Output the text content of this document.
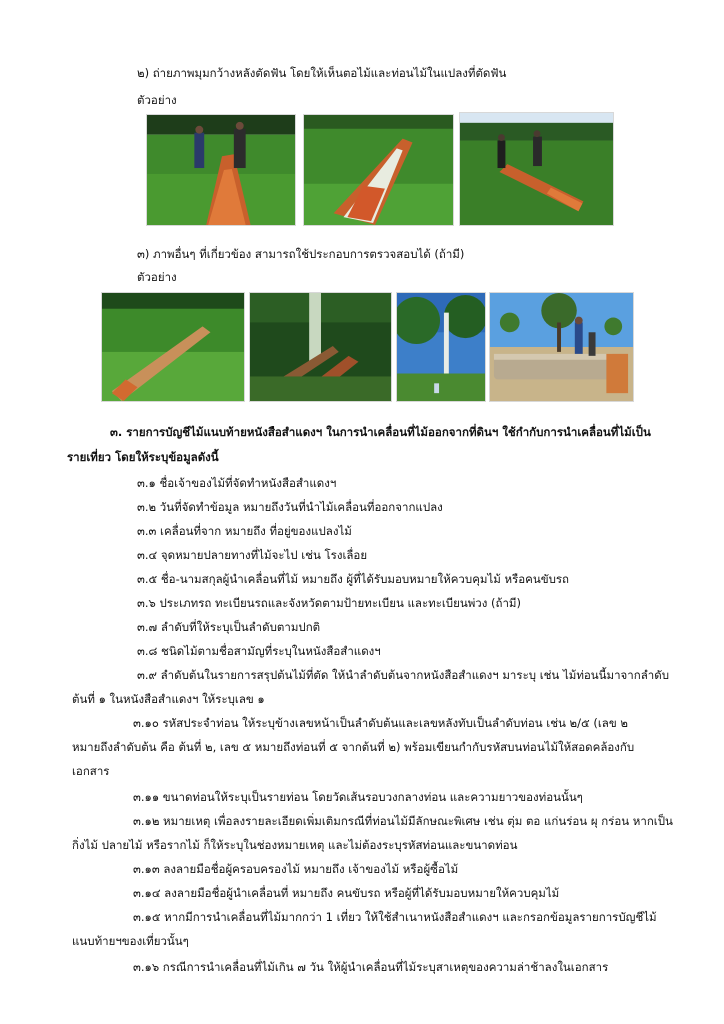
๒) ถ่ายภาพมุมกว้างหลังตัดฟัน โดยให้เห็นตอไม้และท่อนไม้ในแปลงที่ตัดฟัน
ตัวอย่าง
๓) ภาพอื่นๆ ที่เกี่ยวข้อง สามารถใช้ประกอบการตรวจสอบได้ (ถ้ามี)
ตัวอย่าง
๓. รายการบัญชีไม้แนบท้ายหนังสือสำแดงฯ ในการนำเคลื่อนที่ไม้ออกจากที่ดินฯ ใช้กำกับการนำเคลื่อนที่ไม้เป็น
รายเที่ยว โดยให้ระบุข้อมูลดังนี้
๓.๑ ชื่อเจ้าของไม้ที่จัดทำหนังสือสำแดงฯ
๓.๒ วันที่จัดทำข้อมูล หมายถึงวันที่นำไม้เคลื่อนที่ออกจากแปลง
๓.๓ เคลื่อนที่จาก หมายถึง ที่อยู่ของแปลงไม้
๓.๔ จุดหมายปลายทางที่ไม้จะไป เช่น โรงเลื่อย
๓.๕ ชื่อ-นามสกุลผู้นำเคลื่อนที่ไม้ หมายถึง ผู้ที่ได้รับมอบหมายให้ควบคุมไม้ หรือคนขับรถ
๓.๖ ประเภทรถ ทะเบียนรถและจังหวัดตามป้ายทะเบียน และทะเบียนพ่วง (ถ้ามี)
๓.๗ ลำดับที่ให้ระบุเป็นลำดับตามปกติ
๓.๘ ชนิดไม้ตามชื่อสามัญที่ระบุในหนังสือสำแดงฯ
๓.๙ ลำดับต้นในรายการสรุปต้นไม้ที่ตัด ให้นำลำดับต้นจากหนังสือสำแดงฯ มาระบุ เช่น ไม้ท่อนนี้มาจากลำดับ
ต้นที่ ๑ ในหนังสือสำแดงฯ ให้ระบุเลข ๑
๓.๑๐ รหัสประจำท่อน ให้ระบุข้างเลขหน้าเป็นลำดับต้นและเลขหลังทับเป็นลำดับท่อน เช่น ๒/๕ (เลข ๒
หมายถึงลำดับต้น คือ ต้นที่ ๒, เลข ๕ หมายถึงท่อนที่ ๕ จากต้นที่ ๒) พร้อมเขียนกำกับรหัสบนท่อนไม้ให้สอดคล้องกับ
เอกสาร
๓.๑๑ ขนาดท่อนให้ระบุเป็นรายท่อน โดยวัดเส้นรอบวงกลางท่อน และความยาวของท่อนนั้นๆ
๓.๑๒ หมายเหตุ เพื่อลงรายละเอียดเพิ่มเติมกรณีที่ท่อนไม้มีลักษณะพิเศษ เช่น ตุ่ม ตอ แก่นร่อน ผุ กร่อน หากเป็น
กิ่งไม้ ปลายไม้ หรือรากไม้ ก็ให้ระบุในช่องหมายเหตุ และไม่ต้องระบุรหัสท่อนและขนาดท่อน
๓.๑๓ ลงลายมือชื่อผู้ครอบครองไม้ หมายถึง เจ้าของไม้ หรือผู้ซื้อไม้
๓.๑๔ ลงลายมือชื่อผู้นำเคลื่อนที่ หมายถึง คนขับรถ หรือผู้ที่ได้รับมอบหมายให้ควบคุมไม้
๓.๑๕ หากมีการนำเคลื่อนที่ไม้มากกว่า 1 เที่ยว ให้ใช้สำเนาหนังสือสำแดงฯ และกรอกข้อมูลรายการบัญชีไม้
แนบท้ายฯของเที่ยวนั้นๆ
๓.๑๖ กรณีการนำเคลื่อนที่ไม้เกิน ๗ วัน ให้ผู้นำเคลื่อนที่ไม้ระบุสาเหตุของความล่าช้าลงในเอกสาร
